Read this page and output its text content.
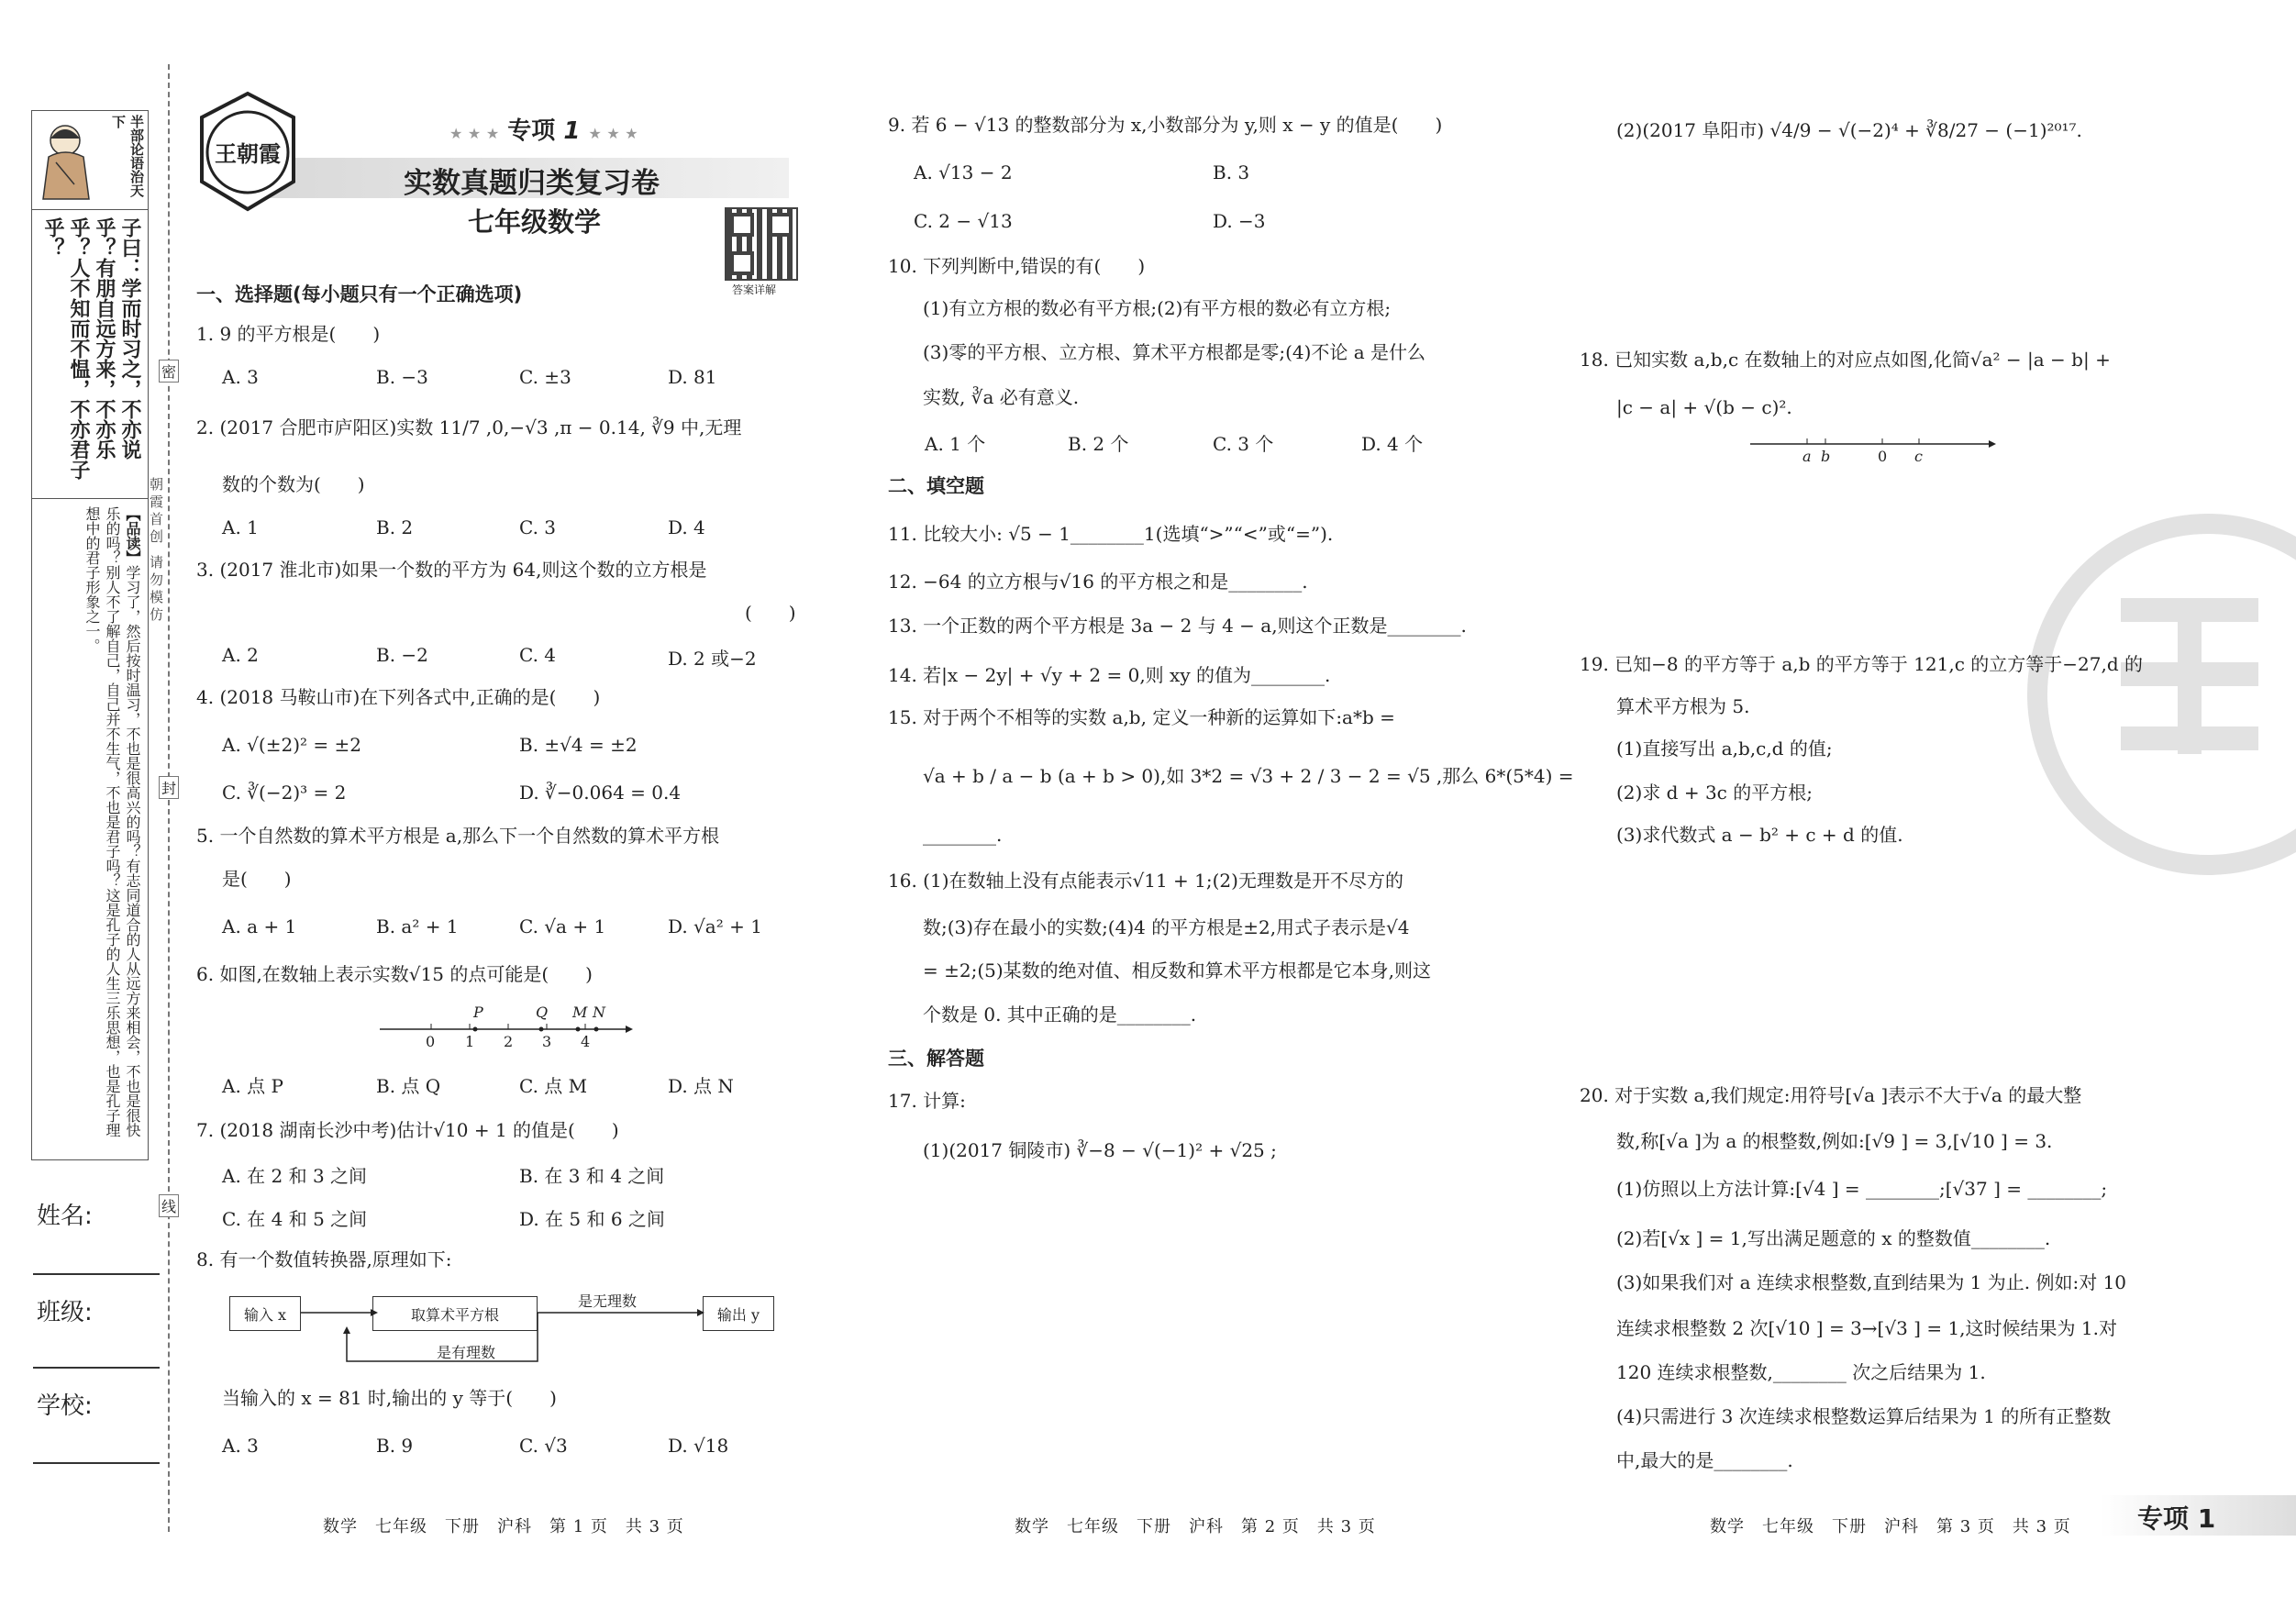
半部论语治天下
子曰：学而时习之，不亦说乎？有朋自远方来，不亦乐乎？人不知而不愠，不亦君子乎？
【品读】学习了，然后按时温习，不也是很高兴的吗？有志同道合的人从远方来相会，不也是很快乐的吗？别人不了解自己，自己并不生气，不也是君子吗？这是孔子的人生三乐思想，也是孔子理想中的君子形象之一。
姓名:
班级:
学校:
密
封
线
朝霞首创 请勿模仿
王朝霞
★ ★ ★ 专项 1 ★ ★ ★
实数真题归类复习卷
七年级数学
答案详解
一、选择题(每小题只有一个正确选项)
1. 9 的平方根是(　　)
A. 3	B. −3	C. ±3	D. 81
2. (2017 合肥市庐阳区)实数 11/7 ,0,−√3 ,π − 0.14, ∛9 中,无理
数的个数为(　　)
A. 1	B. 2	C. 3	D. 4
3. (2017 淮北市)如果一个数的平方为 64,则这个数的立方根是
(　　)
A. 2	B. −2	C. 4	D. 2 或−2
4. (2018 马鞍山市)在下列各式中,正确的是(　　)
A. √(±2)² = ±2	B. ±√4 = ±2
C. ∛(−2)³ = 2	D. ∛−0.064 = 0.4
5. 一个自然数的算术平方根是 a,那么下一个自然数的算术平方根
是(　　)
A. a + 1	B. a² + 1	C. √a + 1	D. √a² + 1
6. 如图,在数轴上表示实数√15 的点可能是(　　)
0 1 2 3 4
P	Q M N
A. 点 P	B. 点 Q	C. 点 M	D. 点 N
7. (2018 湖南长沙中考)估计√10 + 1 的值是(　　)
A. 在 2 和 3 之间	B. 在 3 和 4 之间
C. 在 4 和 5 之间	D. 在 5 和 6 之间
8. 有一个数值转换器,原理如下:
输入 x	取算术平方根	输出 y
是无理数
是有理数
当输入的 x = 81 时,输出的 y 等于(　　)
A. 3	B. 9	C. √3	D. √18
数学　七年级　下册　沪科　第 1 页　共 3 页
9. 若 6 − √13 的整数部分为 x,小数部分为 y,则 x − y 的值是(　　)
A. √13 − 2	B. 3
C. 2 − √13	D. −3
10. 下列判断中,错误的有(　　)
(1)有立方根的数必有平方根;(2)有平方根的数必有立方根;
(3)零的平方根、立方根、算术平方根都是零;(4)不论 a 是什么
实数, ∛a 必有意义.
A. 1 个	B. 2 个	C. 3 个	D. 4 个
二、填空题
11. 比较大小: √5 − 1________1(选填“>”“<”或“=”).
12. −64 的立方根与√16 的平方根之和是________.
13. 一个正数的两个平方根是 3a − 2 与 4 − a,则这个正数是________.
14. 若|x − 2y| + √y + 2 = 0,则 xy 的值为________.
15. 对于两个不相等的实数 a,b, 定义一种新的运算如下:a*b =
√a + b / a − b (a + b > 0),如 3*2 = √3 + 2 / 3 − 2 = √5 ,那么 6*(5*4) =
________.
16. (1)在数轴上没有点能表示√11 + 1;(2)无理数是开不尽方的
数;(3)存在最小的实数;(4)4 的平方根是±2,用式子表示是√4
= ±2;(5)某数的绝对值、相反数和算术平方根都是它本身,则这
个数是 0. 其中正确的是________.
三、解答题
17. 计算:
(1)(2017 铜陵市) ∛−8 − √(−1)² + √25 ;
数学　七年级　下册　沪科　第 2 页　共 3 页
(2)(2017 阜阳市) √4/9 − √(−2)⁴ + ∛8/27 − (−1)²⁰¹⁷.
18. 已知实数 a,b,c 在数轴上的对应点如图,化简√a² − |a − b| +
|c − a| + √(b − c)².
a b	0 c
19. 已知−8 的平方等于 a,b 的平方等于 121,c 的立方等于−27,d 的
算术平方根为 5.
(1)直接写出 a,b,c,d 的值;
(2)求 d + 3c 的平方根;
(3)求代数式 a − b² + c + d 的值.
20. 对于实数 a,我们规定:用符号[√a ]表示不大于√a 的最大整
数,称[√a ]为 a 的根整数,例如:[√9 ] = 3,[√10 ] = 3.
(1)仿照以上方法计算:[√4 ] = ________;[√37 ] = ________;
(2)若[√x ] = 1,写出满足题意的 x 的整数值________.
(3)如果我们对 a 连续求根整数,直到结果为 1 为止. 例如:对 10
连续求根整数 2 次[√10 ] = 3→[√3 ] = 1,这时候结果为 1.对
120 连续求根整数,________ 次之后结果为 1.
(4)只需进行 3 次连续求根整数运算后结果为 1 的所有正整数
中,最大的是________.
数学　七年级　下册　沪科　第 3 页　共 3 页	专项 1
